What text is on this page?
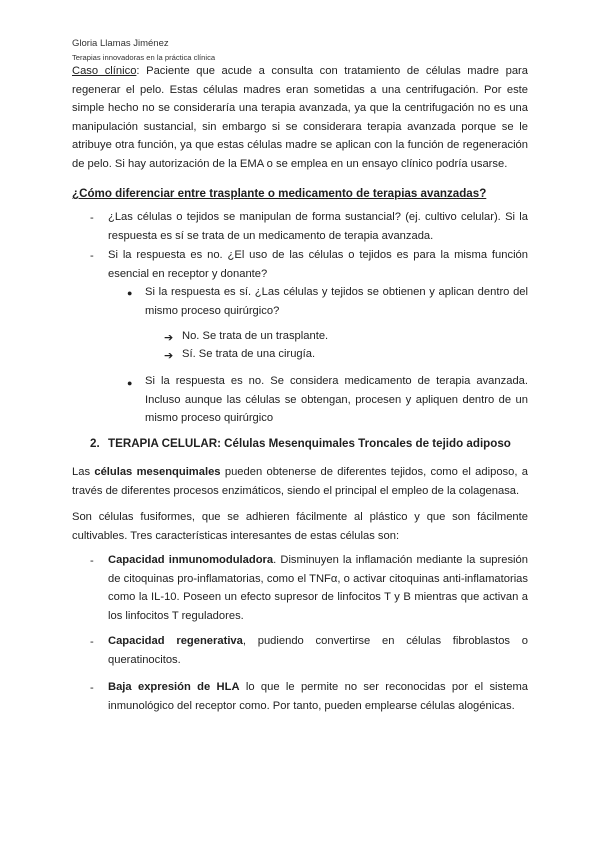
Gloria Llamas Jiménez
Terapias innovadoras en la práctica clínica

Caso clínico: Paciente que acude a consulta con tratamiento de células madre para regenerar el pelo. Estas células madres eran sometidas a una centrifugación. Por este simple hecho no se consideraría una terapia avanzada, ya que la centrifugación no es una manipulación sustancial, sin embargo si se considerara terapia avanzada porque se le atribuye otra función, ya que estas células madre se aplican con la función de regeneración de pelo. Si hay autorización de la EMA o se emplea en un ensayo clínico podría usarse.

¿Cómo diferenciar entre trasplante o medicamento de terapias avanzadas?
- ¿Las células o tejidos se manipulan de forma sustancial? (ej. cultivo celular). Si la respuesta es sí se trata de un medicamento de terapia avanzada.
- Si la respuesta es no. ¿El uso de las células o tejidos es para la misma función esencial en receptor y donante?
● Si la respuesta es sí. ¿Las células y tejidos se obtienen y aplican dentro del mismo proceso quirúrgico?
➔ No. Se trata de un trasplante.
➔ Sí. Se trata de una cirugía.
● Si la respuesta es no. Se considera medicamento de terapia avanzada. Incluso aunque las células se obtengan, procesen y apliquen dentro de un mismo proceso quirúrgico
2. TERAPIA CELULAR: Células Mesenquimales Troncales de tejido adiposo

Las células mesenquimales pueden obtenerse de diferentes tejidos, como el adiposo, a través de diferentes procesos enzimáticos, siendo el principal el empleo de la colagenasa.

Son células fusiformes, que se adhieren fácilmente al plástico y que son fácilmente cultivables. Tres características interesantes de estas células son:

- Capacidad inmunomoduladora. Disminuyen la inflamación mediante la supresión de citoquinas pro-inflamatorias, como el TNFα, o activar citoquinas anti-inflamatorias como la IL-10. Poseen un efecto supresor de linfocitos T y B mientras que activan a los linfocitos T reguladores.

- Capacidad regenerativa, pudiendo convertirse en células fibroblastos o queratinocitos.

- Baja expresión de HLA lo que le permite no ser reconocidas por el sistema inmunológico del receptor como. Por tanto, pueden emplearse células alogénicas.
